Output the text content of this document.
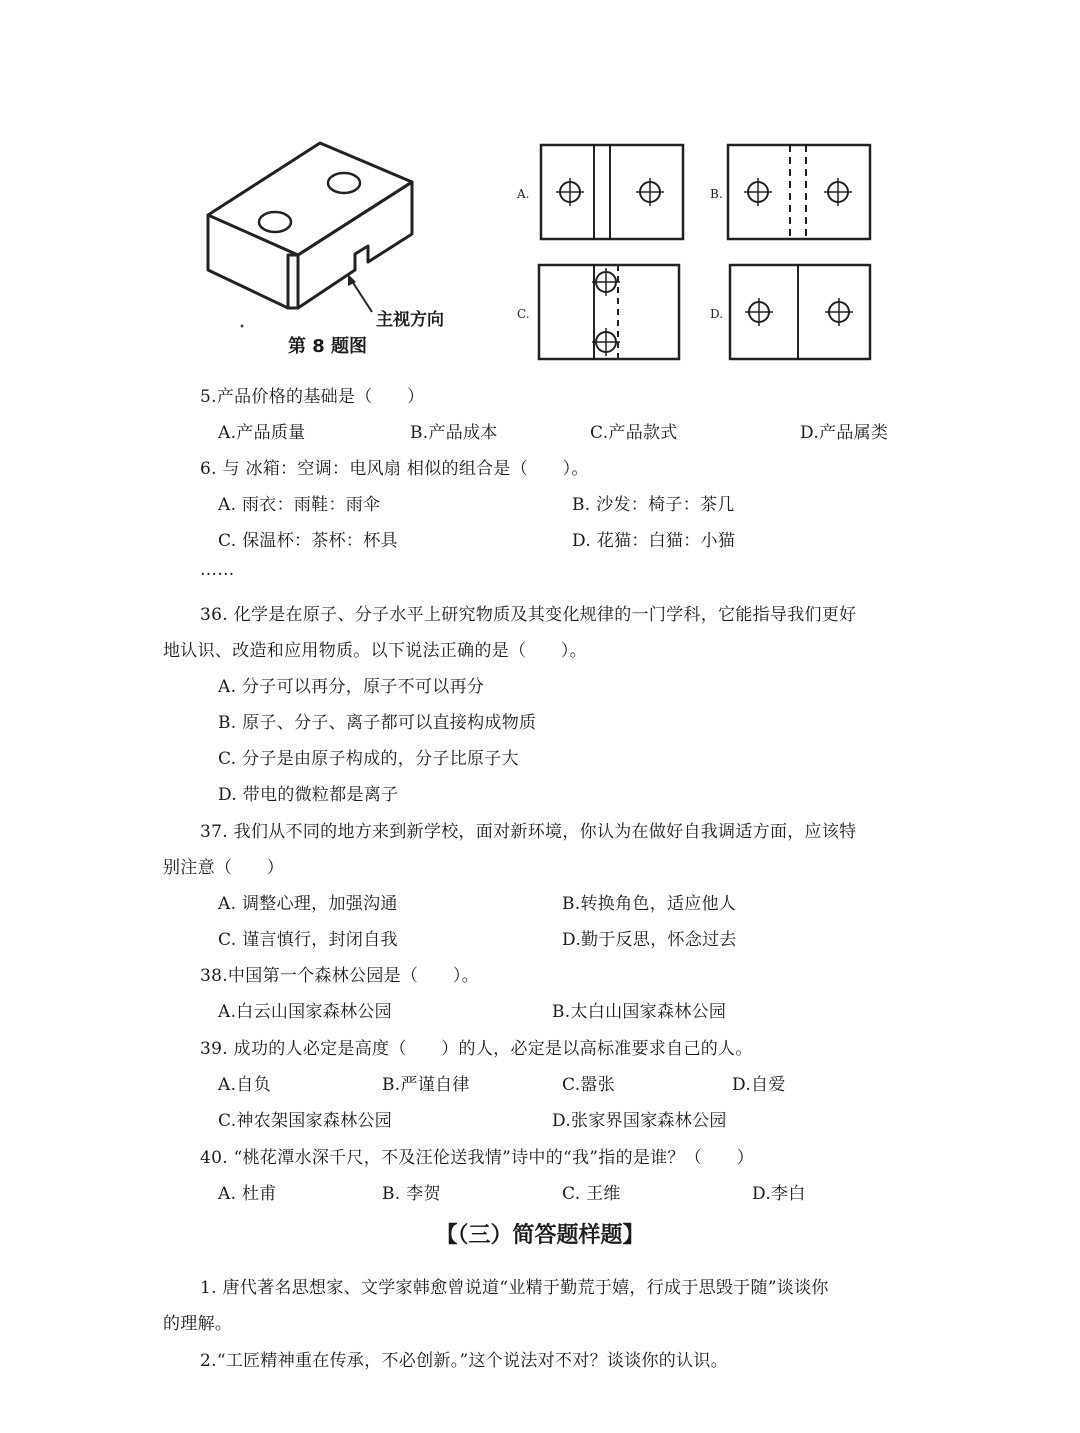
主视方向
第 8 题图
A.	B.
C.	D.
5.产品价格的基础是（　　）
A.产品质量	B.产品成本	C.产品款式	D.产品属类
6. 与 冰箱：空调：电风扇 相似的组合是（　　）。
A. 雨衣：雨鞋：雨伞	B. 沙发：椅子：茶几
C. 保温杯：茶杯：杯具	D. 花猫：白猫：小猫
……
36. 化学是在原子、分子水平上研究物质及其变化规律的一门学科，它能指导我们更好
地认识、改造和应用物质。以下说法正确的是（　　）。
A. 分子可以再分，原子不可以再分
B. 原子、分子、离子都可以直接构成物质
C. 分子是由原子构成的，分子比原子大
D. 带电的微粒都是离子
37. 我们从不同的地方来到新学校，面对新环境，你认为在做好自我调适方面，应该特
别注意（　　）
A. 调整心理，加强沟通	B.转换角色，适应他人
C. 谨言慎行，封闭自我	D.勤于反思，怀念过去
38.中国第一个森林公园是（　　）。
A.白云山国家森林公园	B.太白山国家森林公园
39. 成功的人必定是高度（　　）的人，必定是以高标准要求自己的人。
A.自负	B.严谨自律	C.嚣张	D.自爱
C.神农架国家森林公园	D.张家界国家森林公园
40. “桃花潭水深千尺，不及汪伦送我情”诗中的“我”指的是谁？（　　）
A. 杜甫	B. 李贺	C. 王维	D.李白
【（三）简答题样题】
1. 唐代著名思想家、文学家韩愈曾说道“业精于勤荒于嬉，行成于思毁于随”谈谈你
的理解。
2.“工匠精神重在传承，不必创新。”这个说法对不对？谈谈你的认识。
